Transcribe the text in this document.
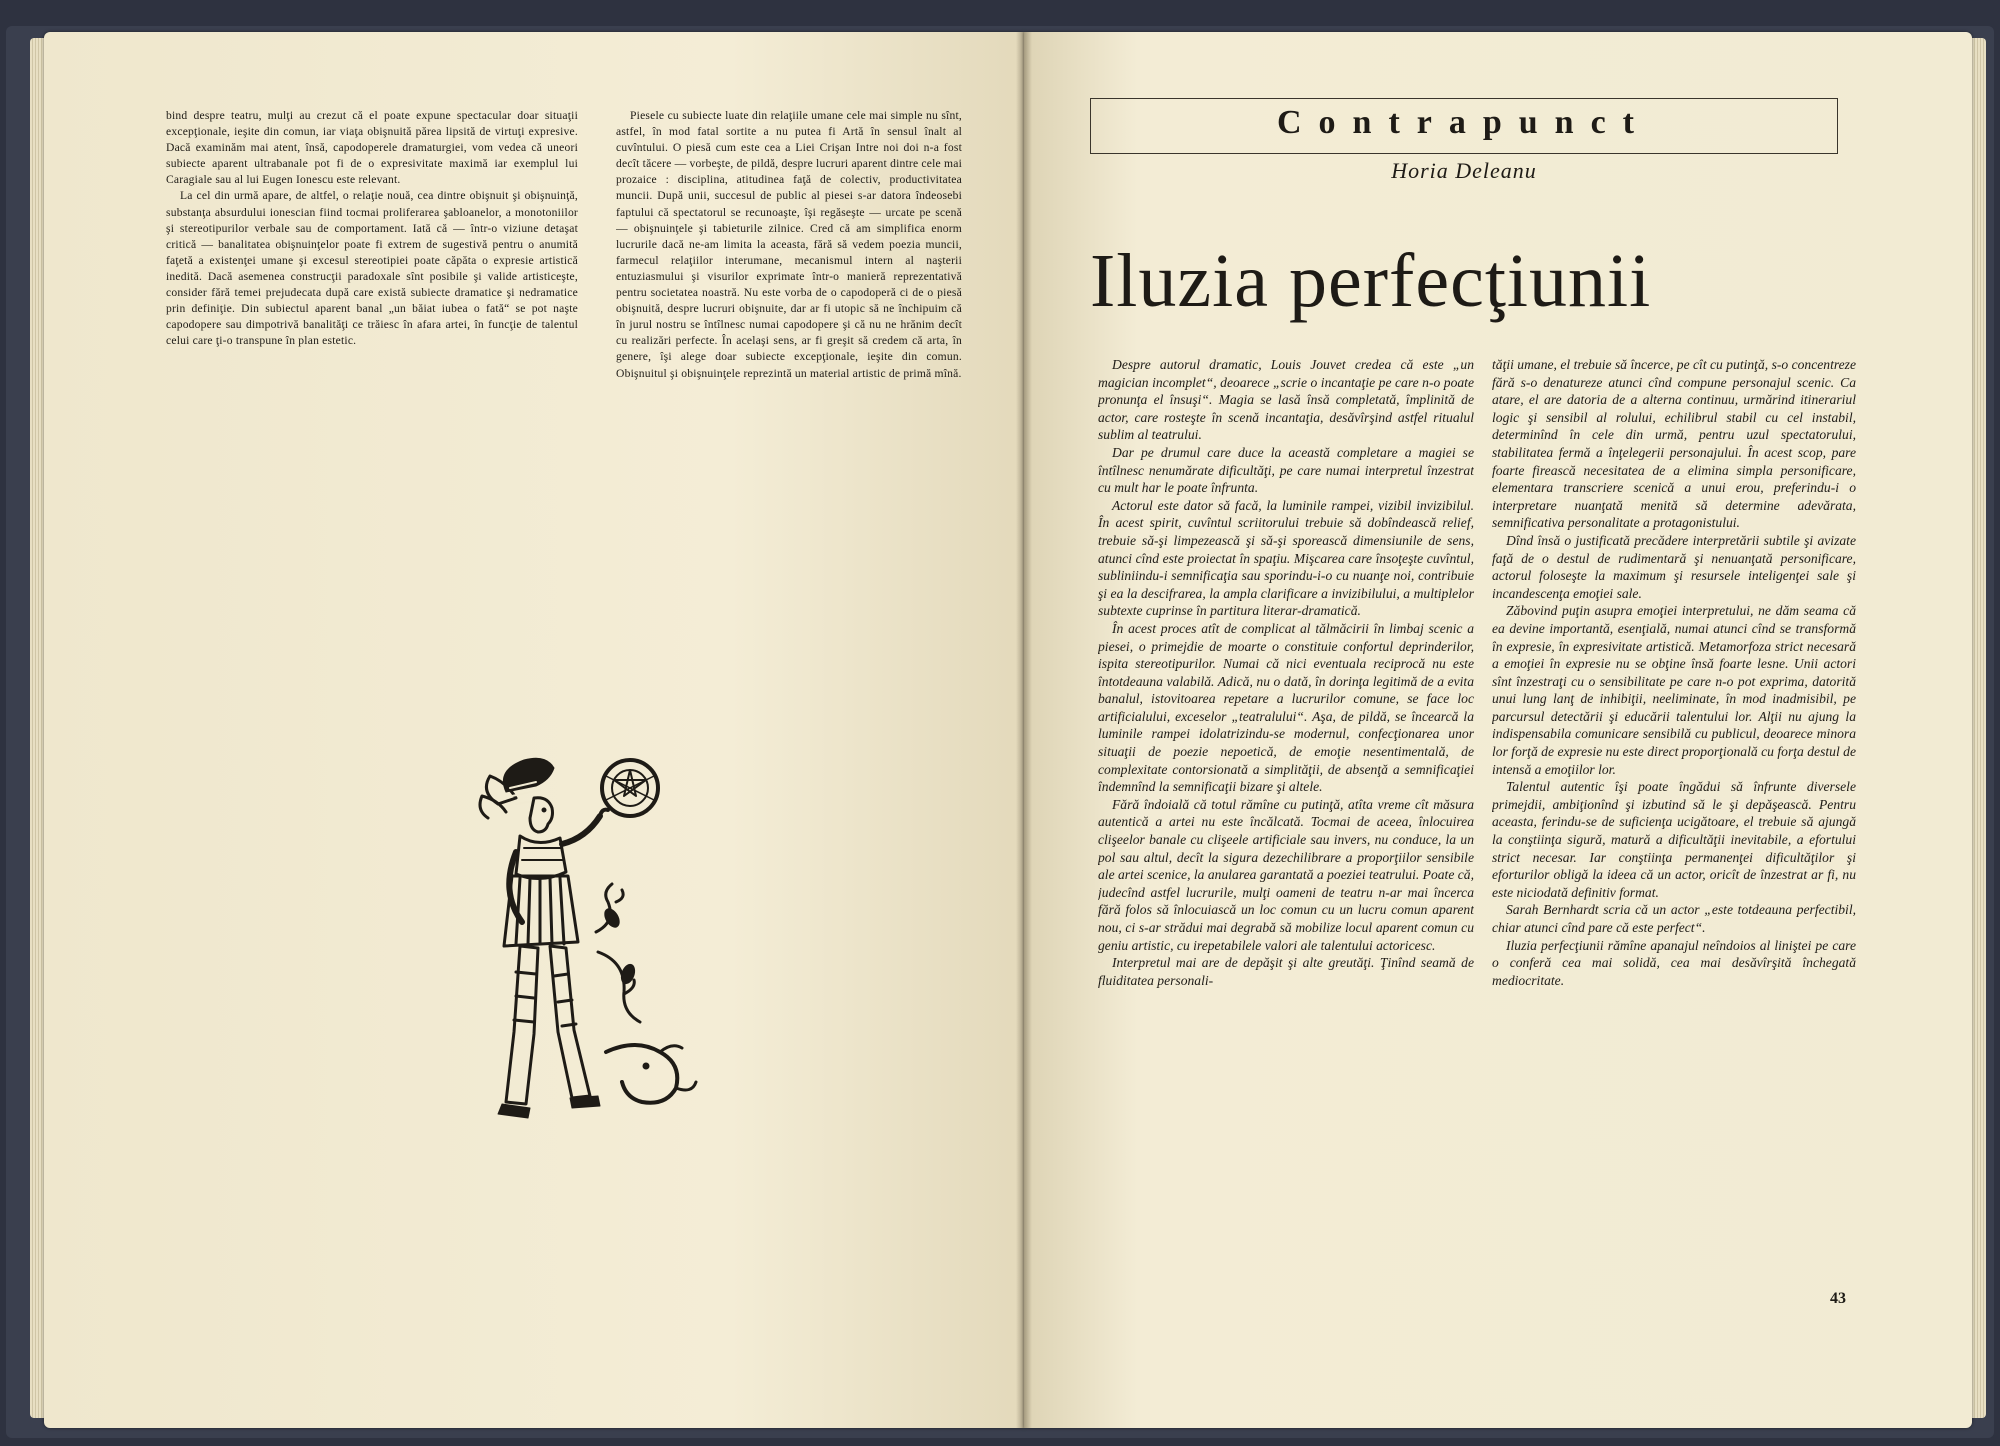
bind despre teatru, mulţi au crezut că el poate expune spectacular doar situaţii excepţionale, ieşite din comun, iar viaţa obişnuită părea lipsită de virtuţi expresive. Dacă examinăm mai atent, însă, capodoperele dramaturgiei, vom vedea că uneori subiecte aparent ultrabanale pot fi de o expresivitate maximă iar exemplul lui Caragiale sau al lui Eugen Ionescu este relevant.

La cel din urmă apare, de altfel, o relaţie nouă, cea dintre obişnuit şi obişnuinţă, substanţa absurdului ionescian fiind tocmai proliferarea şabloanelor, a monotoniilor şi stereotipurilor verbale sau de comportament. Iată că — într-o viziune detaşat critică — banalitatea obişnuinţelor poate fi extrem de sugestivă pentru o anumită faţetă a existenţei umane şi excesul stereotipiei poate căpăta o expresie artistică inedită. Dacă asemenea construcţii paradoxale sînt posibile şi valide artisticeşte, consider fără temei prejudecata după care există subiecte dramatice şi nedramatice prin definiţie. Din subiectul aparent banal „un băiat iubea o fată“ se pot naşte capodopere sau dimpotrivă banalităţi ce trăiesc în afara artei, în funcţie de talentul celui care ţi-o transpune în plan estetic.

Piesele cu subiecte luate din relaţiile umane cele mai simple nu sînt, astfel, în mod fatal sortite a nu putea fi Artă în sensul înalt al cuvîntului. O piesă cum este cea a Liei Crişan Intre noi doi n-a fost decît tăcere — vorbeşte, de pildă, despre lucruri aparent dintre cele mai prozaice : disciplina, atitudinea faţă de colectiv, productivitatea muncii. După unii, succesul de public al piesei s-ar datora îndeosebi faptului că spectatorul se recunoaşte, îşi regăseşte — urcate pe scenă — obişnuinţele şi tabieturile zilnice. Cred că am simplifica enorm lucrurile dacă ne-am limita la aceasta, fără să vedem poezia muncii, farmecul relaţiilor interumane, mecanismul intern al naşterii entuziasmului şi visurilor exprimate într-o manieră reprezentativă pentru societatea noastră. Nu este vorba de o capodoperă ci de o piesă obişnuită, despre lucruri obişnuite, dar ar fi utopic să ne închipuim că în jurul nostru se întîlnesc numai capodopere şi că nu ne hrănim decît cu realizări perfecte. În acelaşi sens, ar fi greşit să credem că arta, în genere, îşi alege doar subiecte excepţionale, ieşite din comun. Obişnuitul şi obişnuinţele reprezintă un material artistic de primă mînă.

Contrapunct
Horia Deleanu
Iluzia perfecţiunii

Despre autorul dramatic, Louis Jouvet credea că este „un magician incomplet“, deoarece „scrie o incantaţie pe care n-o poate pronunţa el însuşi“. Magia se lasă însă completată, împlinită de actor, care rosteşte în scenă incantaţia, desăvîrşind astfel ritualul sublim al teatrului.

Dar pe drumul care duce la această completare a magiei se întîlnesc nenumărate dificultăţi, pe care numai interpretul înzestrat cu mult har le poate înfrunta.

Actorul este dator să facă, la luminile rampei, vizibil invizibilul. În acest spirit, cuvîntul scriitorului trebuie să dobîndească relief, trebuie să-şi limpezească şi să-şi sporească dimensiunile de sens, atunci cînd este proiectat în spaţiu. Mişcarea care însoţeşte cuvîntul, subliniindu-i semnificaţia sau sporindu-i-o cu nuanţe noi, contribuie şi ea la descifrarea, la ampla clarificare a invizibilului, a multiplelor subtexte cuprinse în partitura literar-dramatică.

În acest proces atît de complicat al tălmăcirii în limbaj scenic a piesei, o primejdie de moarte o constituie confortul deprinderilor, ispita stereotipurilor. Numai că nici eventuala reciprocă nu este întotdeauna valabilă. Adică, nu o dată, în dorinţa legitimă de a evita banalul, istovitoarea repetare a lucrurilor comune, se face loc artificialului, exceselor „teatralului“. Aşa, de pildă, se încearcă la luminile rampei idolatrizindu-se modernul, confecţionarea unor situaţii de poezie nepoetică, de emoţie nesentimentală, de complexitate contorsionată a simplităţii, de absenţă a semnificaţiei îndemnînd la semnificaţii bizare şi altele.

Fără îndoială că totul rămîne cu putinţă, atîta vreme cît măsura autentică a artei nu este încălcată. Tocmai de aceea, înlocuirea clişeelor banale cu clişeele artificiale sau invers, nu conduce, la un pol sau altul, decît la sigura dezechilibrare a proporţiilor sensibile ale artei scenice, la anularea garantată a poeziei teatrului. Poate că, judecînd astfel lucrurile, mulţi oameni de teatru n-ar mai încerca fără folos să înlocuiască un loc comun cu un lucru comun aparent nou, ci s-ar strădui mai degrabă să mobilize locul aparent comun cu geniu artistic, cu irepetabilele valori ale talentului actoricesc.

Interpretul mai are de depăşit şi alte greutăţi. Ţinînd seamă de fluiditatea personali-

tăţii umane, el trebuie să încerce, pe cît cu putinţă, s-o concentreze fără s-o denatureze atunci cînd compune personajul scenic. Ca atare, el are datoria de a alterna continuu, urmărind itinerariul logic şi sensibil al rolului, echilibrul stabil cu cel instabil, determinînd în cele din urmă, pentru uzul spectatorului, stabilitatea fermă a înţelegerii personajului. În acest scop, pare foarte firească necesitatea de a elimina simpla personificare, elementara transcriere scenică a unui erou, preferindu-i o interpretare nuanţată menită să determine adevărata, semnificativa personalitate a protagonistului.

Dînd însă o justificată precădere interpretării subtile şi avizate faţă de o destul de rudimentară şi nenuanţată personificare, actorul foloseşte la maximum şi resursele inteligenţei sale şi incandescenţa emoţiei sale.

Zăbovind puţin asupra emoţiei interpretului, ne dăm seama că ea devine importantă, esenţială, numai atunci cînd se transformă în expresie, în expresivitate artistică. Metamorfoza strict necesară a emoţiei în expresie nu se obţine însă foarte lesne. Unii actori sînt înzestraţi cu o sensibilitate pe care n-o pot exprima, datorită unui lung lanţ de inhibiţii, neeliminate, în mod inadmisibil, pe parcursul detectării şi educării talentului lor. Alţii nu ajung la indispensabila comunicare sensibilă cu publicul, deoarece minora lor forţă de expresie nu este direct proporţională cu forţa destul de intensă a emoţiilor lor.

Talentul autentic îşi poate îngădui să înfrunte diversele primejdii, ambiţionînd şi izbutind să le şi depăşească. Pentru aceasta, ferindu-se de suficienţa ucigătoare, el trebuie să ajungă la conştiinţa sigură, matură a dificultăţii inevitabile, a efortului strict necesar. Iar conştiinţa permanenţei dificultăţilor şi eforturilor obligă la ideea că un actor, oricît de înzestrat ar fi, nu este niciodată definitiv format.

Sarah Bernhardt scria că un actor „este totdeauna perfectibil, chiar atunci cînd pare că este perfect“.

Iluzia perfecţiunii rămîne apanajul neîndoios al liniştei pe care o conferă cea mai solidă, cea mai desăvîrşită închegată mediocritate.

43
